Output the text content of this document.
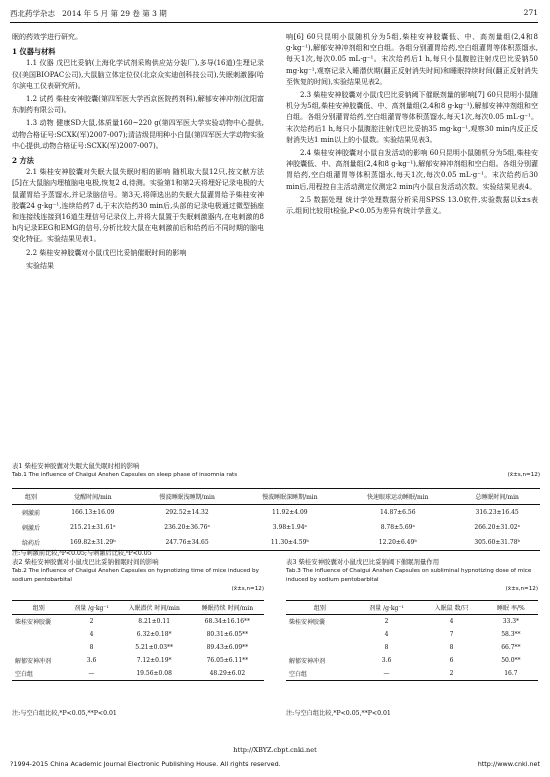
西北药学杂志 2014 年 5 月 第 29 卷 第 3 期	271

眠的药效学进行研究。

1 仪器与材料

1.1 仪器 戊巴比妥钠(上海化学试剂采购供应站分装厂),多导(16道)生理记录仪(美国BIOPAC公司),大鼠脑立体定位仪(北京众实迪创科技公司),失眠刺激器(哈尔滨电工仪表研究所)。

1.2 试药 柴桂安神胶囊(第四军医大学西京医院药剂科),解郁安神冲剂(沈阳富东制药有限公司)。

1.3 动物 健康SD大鼠,体质量160~220 g(第四军医大学实验动物中心提供,动物合格证号:SCXK(军)2007-007);清洁级昆明种小白鼠(第四军医大学动物实验中心提供,动物合格证号:SCXK(军)2007-007)。

2 方法

2.1 柴桂安神胶囊对失眠大鼠失眠时相的影响 随机取大鼠12只,按文献方法[5]在大鼠脑内埋植脑电电极,恢复2 d,待测。实验第1和第2天将埋好记录电极的大鼠灌胃给予蒸馏水,并记录脑信号。第3天,将筛选出的失眠大鼠灌胃给予柴桂安神胶囊24 g·kg⁻¹,连续给药7 d,于末次给药30 min后,头部的记录电极通过微型插座和连接线连接到16道生理信号记录仪上,并将大鼠置于失眠刺激器内,在电刺激的8 h内记录EEG和EMG的信号,分析比较大鼠在电刺激前后和给药后不同时期的脑电变化特征。实验结果见表1。

2.2 柴桂安神胶囊对小鼠戊巴比妥钠催眠时间的影响

实验结果

响[6] 60只昆明小鼠随机分为5组,柴桂安神胶囊低、中、高剂量组(2,4和8 g·kg⁻¹),解郁安神冲剂组和空白组。各组分别灌胃给药,空白组灌胃等体积蒸馏水,每天1次,每次0.05 mL·g⁻¹。末次给药后1 h,每只小鼠腹腔注射戊巴比妥钠50 mg·kg⁻¹,观察记录入睡潜伏期(翻正反射消失时间)和睡眠持续时间(翻正反射消失至恢复的时间),实验结果见表2。

2.3 柴桂安神胶囊对小鼠戊巴比妥钠阈下催眠剂量的影响[7] 60只昆明小鼠随机分为5组,柴桂安神胶囊低、中、高剂量组(2,4和8 g·kg⁻¹),解郁安神冲剂组和空白组。各组分别灌胃给药,空白组灌胃等体积蒸馏水,每天1次,每次0.05 mL·g⁻¹。末次给药后1 h,每只小鼠腹腔注射戊巴比妥钠35 mg·kg⁻¹,观察30 min内反正反射消失达1 min以上的小鼠数。实验结果见表3。

2.4 柴桂安神胶囊对小鼠自发活动的影响 60只昆明小鼠随机分为5组,柴桂安神胶囊低、中、高剂量组(2,4和8 g·kg⁻¹),解郁安神冲剂组和空白组。各组分别灌胃给药,空白组灌胃等体积蒸馏水,每天1次,每次0.05 mL·g⁻¹。末次给药后30 min后,用程控自主活动测定仪测定2 min内小鼠自发活动次数。实验结果见表4。

2.5 数据处理 统计学处理数据分析采用SPSS 13.0软件,实验数据以x̄±s表示,组间比较用t检验,P<0.05为差异有统计学意义。

表1 柴桂安神胶囊对失眠大鼠失眠时相的影响
Tab.1 The influence of Chaigui Anshen Capsules on sleep phase of insomnia rats	(x̄±s,n=12)
组别	觉醒时间/min	慢波睡眠浅睡期/min	慢波睡眠深睡期/min	快速眼球运动睡眠/min	总睡眠时间/min
刺激前	166.13±16.09	292.52±14.32	11.92±4.09	14.87±6.56	316.23±16.45
刺激后	215.21±31.61ᵃ	236.20±36.76ᵃ	3.98±1.94ᵃ	8.78±5.69ᵃ	266.20±31.02ᵃ
给药后	169.82±31.29ᵇ	247.76±34.65	11.30±4.59ᵇ	12.20±6.49ᵇ	305.60±31.78ᵇ
注:与刺激前比较,ᵃP<0.05;与刺激后比较,ᵇP<0.05
表2 柴桂安神胶囊对小鼠戊巴比妥钠催眠时间的影响
Tab.2 The influence of Chaigui Anshen Capsules on hypnotizing time of mice induced by sodium pentobarbital
(x̄±s,n=12)
组别	剂量 /g·kg⁻¹	入眠潜伏 时间/min	睡眠持续 时间/min
柴桂安神胶囊	2	8.21±0.11	68.34±16.16**
	4	6.32±0.18*	80.31±6.05**
	8	5.21±0.03**	89.43±6.09**
解郁安神冲剂	3.6	7.12±0.19*	76.05±6.11**
空白组	—	19.56±0.08	48.29±6.02
注:与空白组比较,*P<0.05,**P<0.01
表3 柴桂安神胶囊对小鼠戊巴比妥钠阈下催眠剂量作用
Tab.3 The influence of Chaigui Anshen Capsules on subliminal hypnotizing dose of mice induced by sodium pentobarbital
(x̄±s,n=12)
组别	剂量 /g·kg⁻¹	入眠鼠 数/只	睡眠 率/%
柴桂安神胶囊	2	4	33.3*
	4	7	58.3**
	8	8	66.7**
解郁安神冲剂	3.6	6	50.0**
空白组	—	2	16.7
注:与空白组比较,*P<0.05,**P<0.01
http://XBYZ.cbpt.cnki.net
?1994-2015 China Academic Journal Electronic Publishing House. All rights reserved.	http://www.cnki.net
